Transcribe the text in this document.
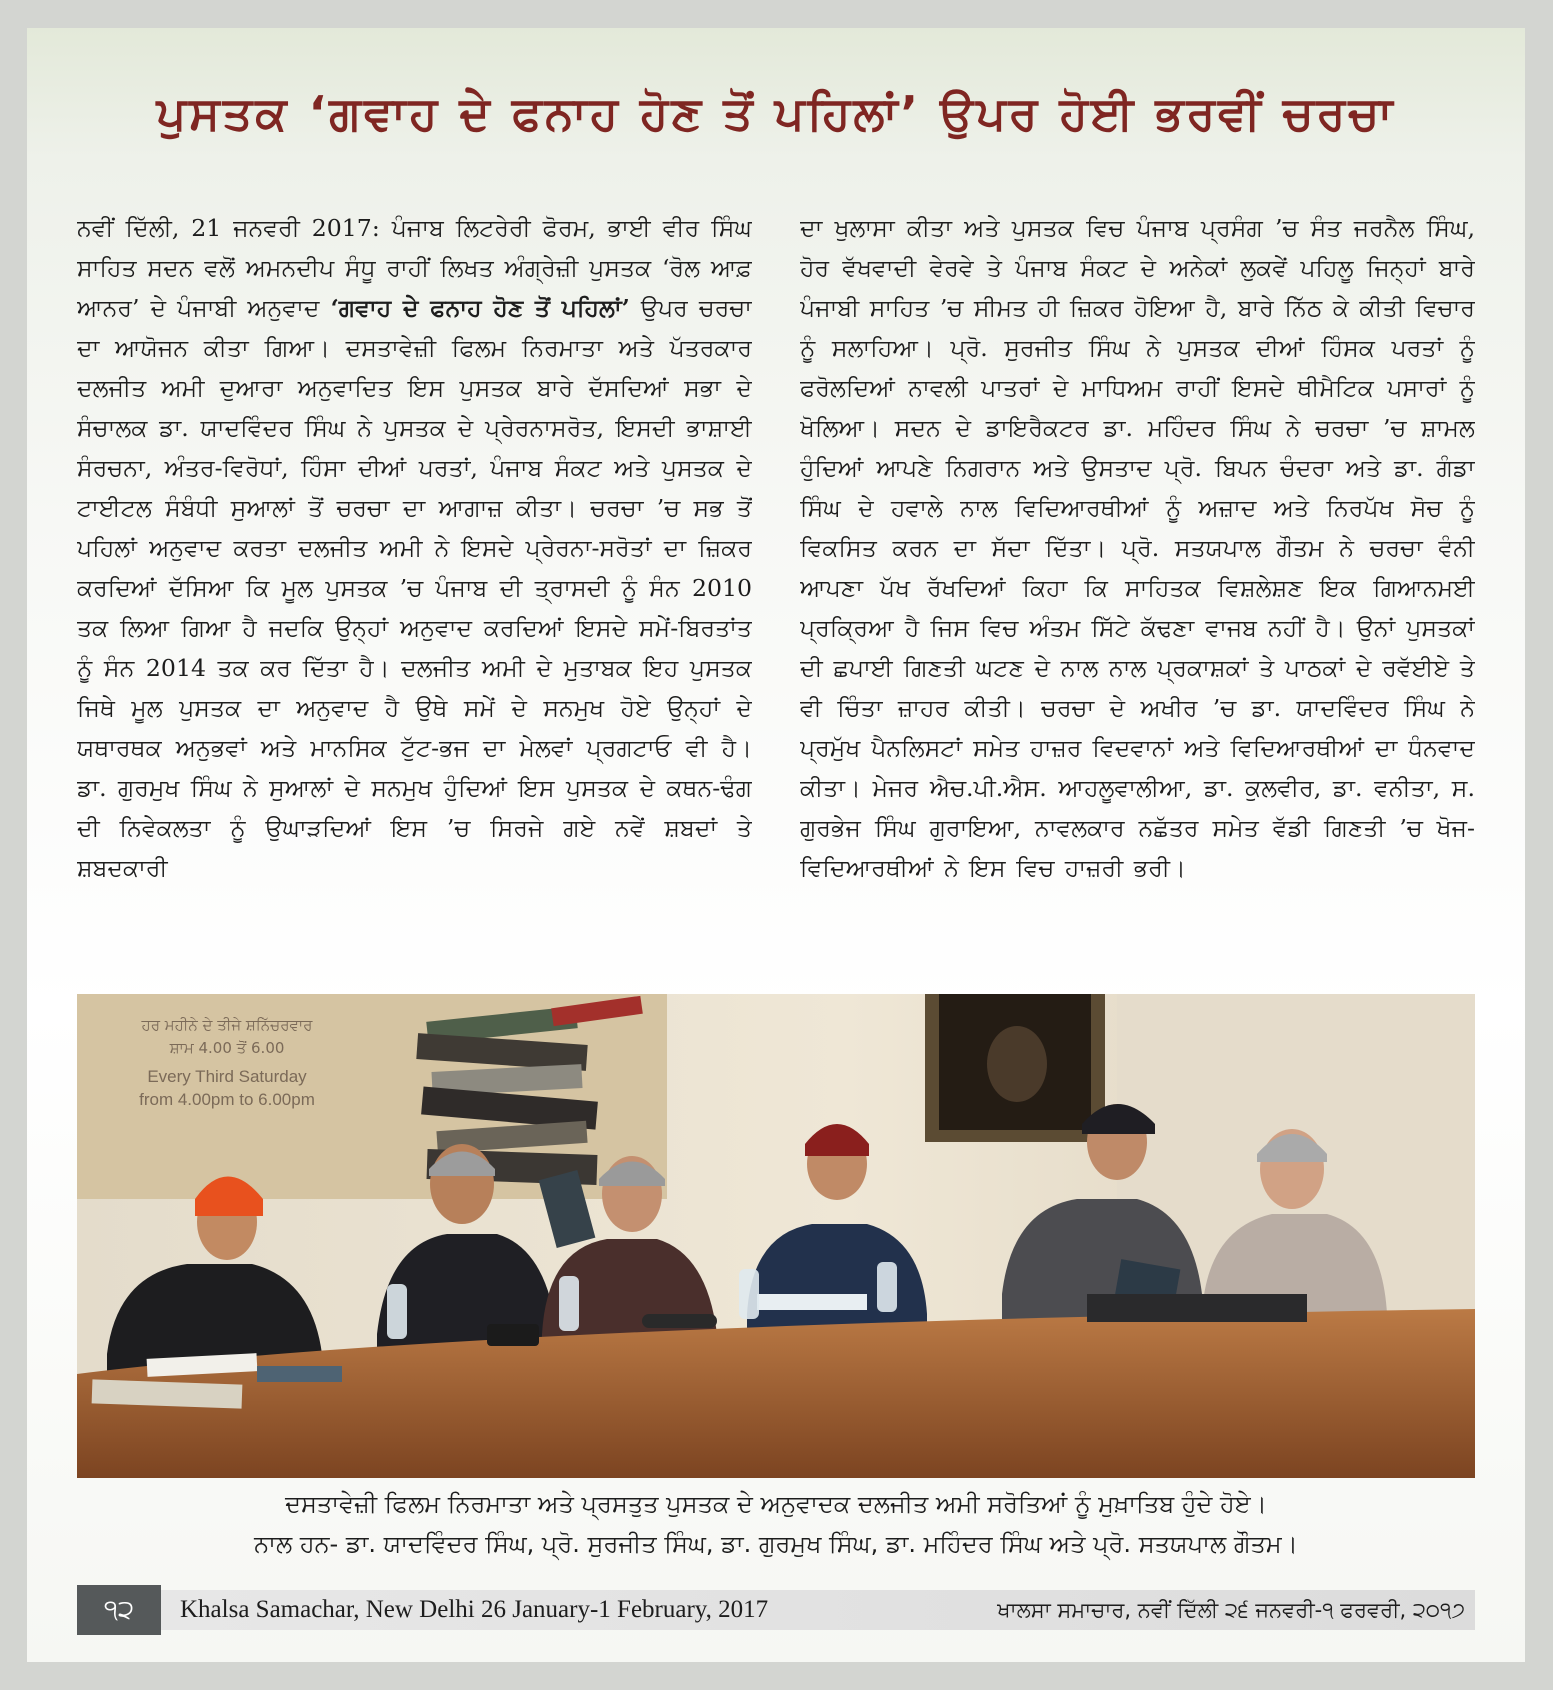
ਪੁਸਤਕ ‘ਗਵਾਹ ਦੇ ਫਨਾਹ ਹੋਣ ਤੋਂ ਪਹਿਲਾਂ’ ਉਪਰ ਹੋਈ ਭਰਵੀਂ ਚਰਚਾ
ਨਵੀਂ ਦਿੱਲੀ, 21 ਜਨਵਰੀ 2017: ਪੰਜਾਬ ਲਿਟਰੇਰੀ ਫੋਰਮ, ਭਾਈ ਵੀਰ ਸਿੰਘ ਸਾਹਿਤ ਸਦਨ ਵਲੋਂ ਅਮਨਦੀਪ ਸੰਧੂ ਰਾਹੀਂ ਲਿਖਤ ਅੰਗ੍ਰੇਜ਼ੀ ਪੁਸਤਕ ‘ਰੋਲ ਆਫ਼ ਆਨਰ’ ਦੇ ਪੰਜਾਬੀ ਅਨੁਵਾਦ ‘ਗਵਾਹ ਦੇ ਫਨਾਹ ਹੋਣ ਤੋਂ ਪਹਿਲਾਂ’ ਉਪਰ ਚਰਚਾ ਦਾ ਆਯੋਜਨ ਕੀਤਾ ਗਿਆ। ਦਸਤਾਵੇਜ਼ੀ ਫਿਲਮ ਨਿਰਮਾਤਾ ਅਤੇ ਪੱਤਰਕਾਰ ਦਲਜੀਤ ਅਮੀ ਦੁਆਰਾ ਅਨੁਵਾਦਿਤ ਇਸ ਪੁਸਤਕ ਬਾਰੇ ਦੱਸਦਿਆਂ ਸਭਾ ਦੇ ਸੰਚਾਲਕ ਡਾ. ਯਾਦਵਿੰਦਰ ਸਿੰਘ ਨੇ ਪੁਸਤਕ ਦੇ ਪ੍ਰੇਰਨਾਸਰੋਤ, ਇਸਦੀ ਭਾਸ਼ਾਈ ਸੰਰਚਨਾ, ਅੰਤਰ-ਵਿਰੋਧਾਂ, ਹਿੰਸਾ ਦੀਆਂ ਪਰਤਾਂ, ਪੰਜਾਬ ਸੰਕਟ ਅਤੇ ਪੁਸਤਕ ਦੇ ਟਾਈਟਲ ਸੰਬੰਧੀ ਸੁਆਲਾਂ ਤੋਂ ਚਰਚਾ ਦਾ ਆਗਾਜ਼ ਕੀਤਾ। ਚਰਚਾ ’ਚ ਸਭ ਤੋਂ ਪਹਿਲਾਂ ਅਨੁਵਾਦ ਕਰਤਾ ਦਲਜੀਤ ਅਮੀ ਨੇ ਇਸਦੇ ਪ੍ਰੇਰਨਾ-ਸਰੋਤਾਂ ਦਾ ਜ਼ਿਕਰ ਕਰਦਿਆਂ ਦੱਸਿਆ ਕਿ ਮੂਲ ਪੁਸਤਕ ’ਚ ਪੰਜਾਬ ਦੀ ਤ੍ਰਾਸਦੀ ਨੂੰ ਸੰਨ 2010 ਤਕ ਲਿਆ ਗਿਆ ਹੈ ਜਦਕਿ ਉਨ੍ਹਾਂ ਅਨੁਵਾਦ ਕਰਦਿਆਂ ਇਸਦੇ ਸਮੇਂ-ਬਿਰਤਾਂਤ ਨੂੰ ਸੰਨ 2014 ਤਕ ਕਰ ਦਿੱਤਾ ਹੈ। ਦਲਜੀਤ ਅਮੀ ਦੇ ਮੁਤਾਬਕ ਇਹ ਪੁਸਤਕ ਜਿਥੇ ਮੂਲ ਪੁਸਤਕ ਦਾ ਅਨੁਵਾਦ ਹੈ ਉਥੇ ਸਮੇਂ ਦੇ ਸਨਮੁਖ ਹੋਏ ਉਨ੍ਹਾਂ ਦੇ ਯਥਾਰਥਕ ਅਨੁਭਵਾਂ ਅਤੇ ਮਾਨਸਿਕ ਟੁੱਟ-ਭਜ ਦਾ ਮੇਲਵਾਂ ਪ੍ਰਗਟਾਓ ਵੀ ਹੈ। ਡਾ. ਗੁਰਮੁਖ ਸਿੰਘ ਨੇ ਸੁਆਲਾਂ ਦੇ ਸਨਮੁਖ ਹੁੰਦਿਆਂ ਇਸ ਪੁਸਤਕ ਦੇ ਕਥਨ-ਢੰਗ ਦੀ ਨਿਵੇਕਲਤਾ ਨੂੰ ਉਘਾੜਦਿਆਂ ਇਸ ’ਚ ਸਿਰਜੇ ਗਏ ਨਵੇਂ ਸ਼ਬਦਾਂ ਤੇ ਸ਼ਬਦਕਾਰੀ
ਦਾ ਖੁਲਾਸਾ ਕੀਤਾ ਅਤੇ ਪੁਸਤਕ ਵਿਚ ਪੰਜਾਬ ਪ੍ਰਸੰਗ ’ਚ ਸੰਤ ਜਰਨੈਲ ਸਿੰਘ, ਹੋਰ ਵੱਖਵਾਦੀ ਵੇਰਵੇ ਤੇ ਪੰਜਾਬ ਸੰਕਟ ਦੇ ਅਨੇਕਾਂ ਲੁਕਵੇਂ ਪਹਿਲੂ ਜਿਨ੍ਹਾਂ ਬਾਰੇ ਪੰਜਾਬੀ ਸਾਹਿਤ ’ਚ ਸੀਮਤ ਹੀ ਜ਼ਿਕਰ ਹੋਇਆ ਹੈ, ਬਾਰੇ ਨਿੱਠ ਕੇ ਕੀਤੀ ਵਿਚਾਰ ਨੂੰ ਸਲਾਹਿਆ। ਪ੍ਰੋ. ਸੁਰਜੀਤ ਸਿੰਘ ਨੇ ਪੁਸਤਕ ਦੀਆਂ ਹਿੰਸਕ ਪਰਤਾਂ ਨੂੰ ਫਰੋਲਦਿਆਂ ਨਾਵਲੀ ਪਾਤਰਾਂ ਦੇ ਮਾਧਿਅਮ ਰਾਹੀਂ ਇਸਦੇ ਥੀਮੈਟਿਕ ਪਸਾਰਾਂ ਨੂੰ ਖੋਲਿਆ। ਸਦਨ ਦੇ ਡਾਇਰੈਕਟਰ ਡਾ. ਮਹਿੰਦਰ ਸਿੰਘ ਨੇ ਚਰਚਾ ’ਚ ਸ਼ਾਮਲ ਹੁੰਦਿਆਂ ਆਪਣੇ ਨਿਗਰਾਨ ਅਤੇ ਉਸਤਾਦ ਪ੍ਰੋ. ਬਿਪਨ ਚੰਦਰਾ ਅਤੇ ਡਾ. ਗੰਡਾ ਸਿੰਘ ਦੇ ਹਵਾਲੇ ਨਾਲ ਵਿਦਿਆਰਥੀਆਂ ਨੂੰ ਅਜ਼ਾਦ ਅਤੇ ਨਿਰਪੱਖ ਸੋਚ ਨੂੰ ਵਿਕਸਿਤ ਕਰਨ ਦਾ ਸੱਦਾ ਦਿੱਤਾ। ਪ੍ਰੋ. ਸਤਯਪਾਲ ਗੌਤਮ ਨੇ ਚਰਚਾ ਵੰਨੀ ਆਪਣਾ ਪੱਖ ਰੱਖਦਿਆਂ ਕਿਹਾ ਕਿ ਸਾਹਿਤਕ ਵਿਸ਼ਲੇਸ਼ਣ ਇਕ ਗਿਆਨਮਈ ਪ੍ਰਕ੍ਰਿਆ ਹੈ ਜਿਸ ਵਿਚ ਅੰਤਮ ਸਿੱਟੇ ਕੱਢਣਾ ਵਾਜਬ ਨਹੀਂ ਹੈ। ਉਨਾਂ ਪੁਸਤਕਾਂ ਦੀ ਛਪਾਈ ਗਿਣਤੀ ਘਟਣ ਦੇ ਨਾਲ ਨਾਲ ਪ੍ਰਕਾਸ਼ਕਾਂ ਤੇ ਪਾਠਕਾਂ ਦੇ ਰਵੱਈਏ ਤੇ ਵੀ ਚਿੰਤਾ ਜ਼ਾਹਰ ਕੀਤੀ। ਚਰਚਾ ਦੇ ਅਖੀਰ ’ਚ ਡਾ. ਯਾਦਵਿੰਦਰ ਸਿੰਘ ਨੇ ਪ੍ਰਮੁੱਖ ਪੈਨਲਿਸਟਾਂ ਸਮੇਤ ਹਾਜ਼ਰ ਵਿਦਵਾਨਾਂ ਅਤੇ ਵਿਦਿਆਰਥੀਆਂ ਦਾ ਧੰਨਵਾਦ ਕੀਤਾ। ਮੇਜਰ ਐਚ.ਪੀ.ਐਸ. ਆਹਲੂਵਾਲੀਆ, ਡਾ. ਕੁਲਵੀਰ, ਡਾ. ਵਨੀਤਾ, ਸ. ਗੁਰਭੇਜ ਸਿੰਘ ਗੁਰਾਇਆ, ਨਾਵਲਕਾਰ ਨਛੱਤਰ ਸਮੇਤ ਵੱਡੀ ਗਿਣਤੀ ’ਚ ਖੋਜ-ਵਿਦਿਆਰਥੀਆਂ ਨੇ ਇਸ ਵਿਚ ਹਾਜ਼ਰੀ ਭਰੀ।
ਹਰ ਮਹੀਨੇ ਦੇ ਤੀਜੇ ਸ਼ਨਿੱਚਰਵਾਰ
ਸ਼ਾਮ 4.00 ਤੋਂ 6.00
Every Third Saturday
from 4.00pm to 6.00pm
ਦਸਤਾਵੇਜ਼ੀ ਫਿਲਮ ਨਿਰਮਾਤਾ ਅਤੇ ਪ੍ਰਸਤੁਤ ਪੁਸਤਕ ਦੇ ਅਨੁਵਾਦਕ ਦਲਜੀਤ ਅਮੀ ਸਰੋਤਿਆਂ ਨੂੰ ਮੁਖ਼ਾਤਿਬ ਹੁੰਦੇ ਹੋਏ।
ਨਾਲ ਹਨ- ਡਾ. ਯਾਦਵਿੰਦਰ ਸਿੰਘ, ਪ੍ਰੋ. ਸੁਰਜੀਤ ਸਿੰਘ, ਡਾ. ਗੁਰਮੁਖ ਸਿੰਘ, ਡਾ. ਮਹਿੰਦਰ ਸਿੰਘ ਅਤੇ ਪ੍ਰੋ. ਸਤਯਪਾਲ ਗੌਤਮ।
੧੨	Khalsa Samachar, New Delhi 26 January-1 February, 2017	ਖਾਲਸਾ ਸਮਾਚਾਰ, ਨਵੀਂ ਦਿੱਲੀ ੨੬ ਜਨਵਰੀ-੧ ਫਰਵਰੀ, ੨੦੧੭
